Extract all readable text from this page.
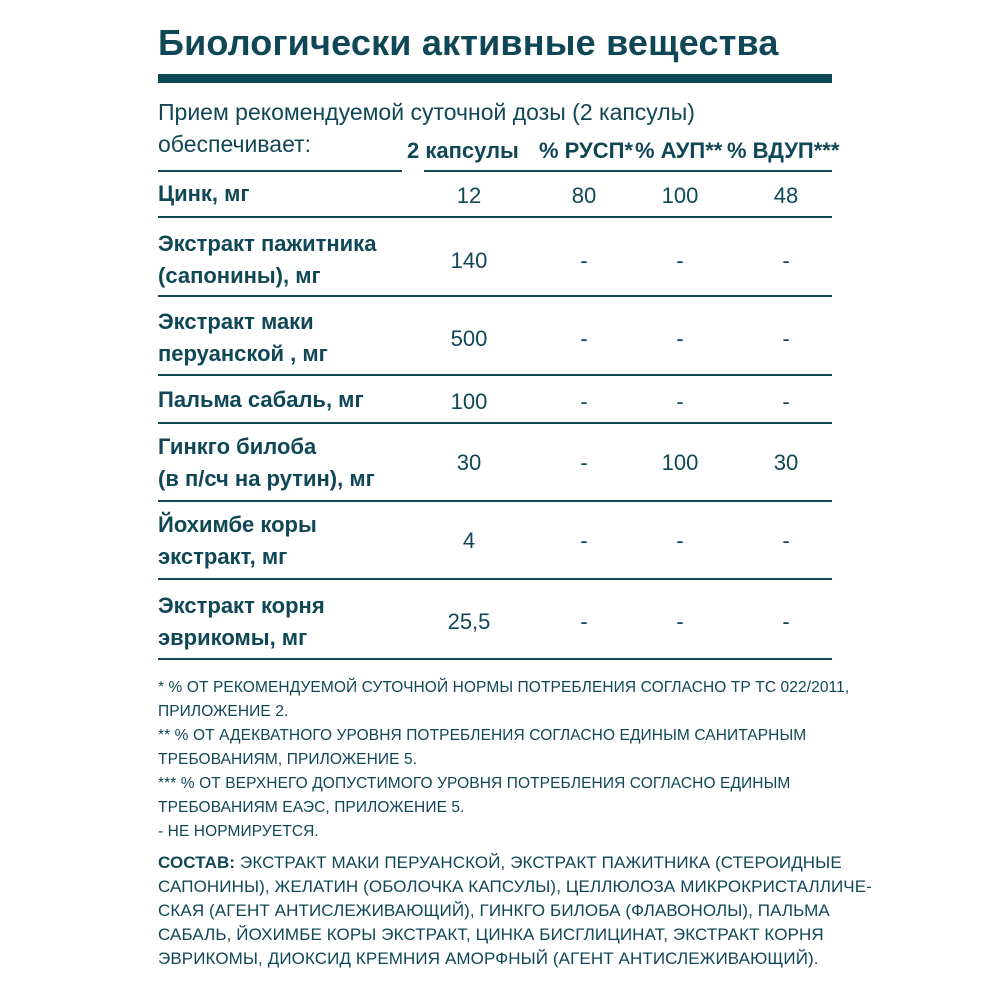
Биологически активные вещества
Прием рекомендуемой суточной дозы (2 капсулы)
обеспечивает:	2 капсулы % РУСП* % АУП** % ВДУП***
Цинк, мг	12	80	100	48
Экстракт пажитника
(сапонины), мг
140	-	-	-
Экстракт маки
перуанской , мг
500	-	-	-
Пальма сабаль, мг	100	-	-	-
Гинкго билоба
(в п/сч на рутин), мг
30	-	100	30
Йохимбе коры
экстракт, мг
4	-	-	-
Экстракт корня
эврикомы, мг
25,5	-	-	-
* % ОТ РЕКОМЕНДУЕМОЙ СУТОЧНОЙ НОРМЫ ПОТРЕБЛЕНИЯ СОГЛАСНО ТР ТС 022/2011,
ПРИЛОЖЕНИЕ 2.
** % ОТ АДЕКВАТНОГО УРОВНЯ ПОТРЕБЛЕНИЯ СОГЛАСНО ЕДИНЫМ САНИТАРНЫМ
ТРЕБОВАНИЯМ, ПРИЛОЖЕНИЕ 5.
*** % ОТ ВЕРХНЕГО ДОПУСТИМОГО УРОВНЯ ПОТРЕБЛЕНИЯ СОГЛАСНО ЕДИНЫМ
ТРЕБОВАНИЯМ ЕАЭС, ПРИЛОЖЕНИЕ 5.
- НЕ НОРМИРУЕТСЯ.
СОСТАВ: ЭКСТРАКТ МАКИ ПЕРУАНСКОЙ, ЭКСТРАКТ ПАЖИТНИКА (СТЕРОИДНЫЕ
САПОНИНЫ), ЖЕЛАТИН (ОБОЛОЧКА КАПСУЛЫ), ЦЕЛЛЮЛОЗА МИКРОКРИСТАЛЛИЧЕ-
СКАЯ (АГЕНТ АНТИСЛЕЖИВАЮЩИЙ), ГИНКГО БИЛОБА (ФЛАВОНОЛЫ), ПАЛЬМА
САБАЛЬ, ЙОХИМБЕ КОРЫ ЭКСТРАКТ, ЦИНКА БИСГЛИЦИНАТ, ЭКСТРАКТ КОРНЯ
ЭВРИКОМЫ, ДИОКСИД КРЕМНИЯ АМОРФНЫЙ (АГЕНТ АНТИСЛЕЖИВАЮЩИЙ).
